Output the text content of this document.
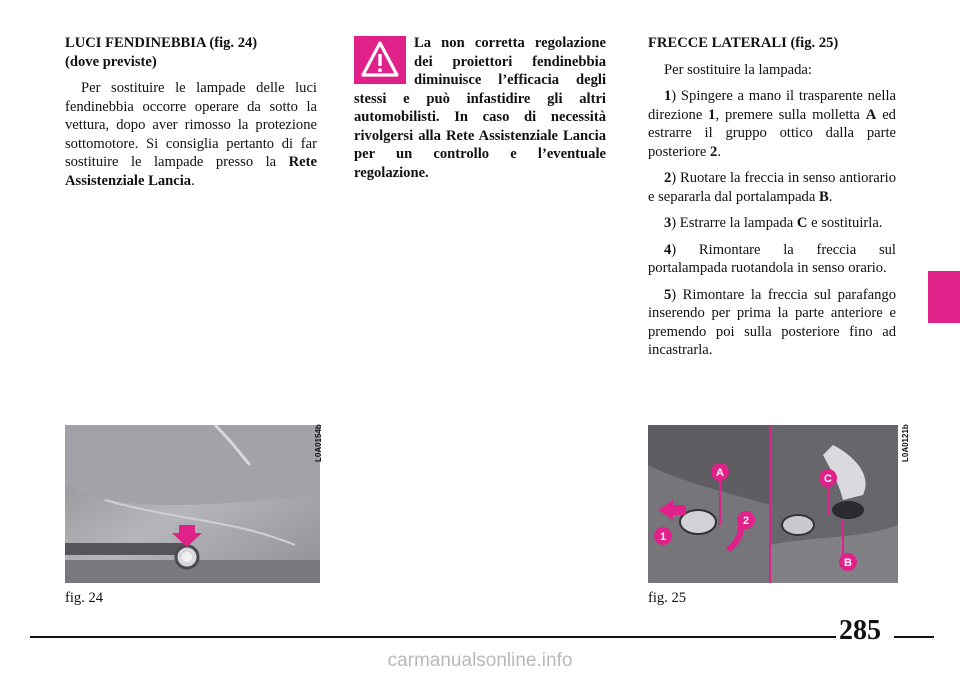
LUCI FENDINEBBIA (fig. 24)
(dove previste)

Per sostituire le lampade delle luci fendinebbia occorre operare da sotto la vettura, dopo aver rimosso la protezione sottomotore. Si consiglia pertanto di far sostituire le lampade presso la Rete Assistenziale Lancia.

La non corretta regolazione dei proiettori fendinebbia diminuisce l’efficacia degli stessi e può infastidire gli altri automobilisti. In caso di necessità rivolgersi alla Rete Assistenziale Lancia per un controllo e l’eventuale regolazione.

FRECCE LATERALI (fig. 25)

Per sostituire la lampada:

1) Spingere a mano il trasparente nella direzione 1, premere sulla molletta A ed estrarre il gruppo ottico dalla parte posteriore 2.

2) Ruotare la freccia in senso antiorario e separarla dal portalampada B.

3) Estrarre la lampada C e sostituirla.

4) Rimontare la freccia sul portalampada ruotandola in senso orario.

5) Rimontare la freccia sul parafango inserendo per prima la parte anteriore e premendo poi sulla posteriore fino ad incastrarla.

L0A0154b
fig. 24
A	C
1
2
B
L0A0121b
fig. 25
285
carmanualsonline.info
